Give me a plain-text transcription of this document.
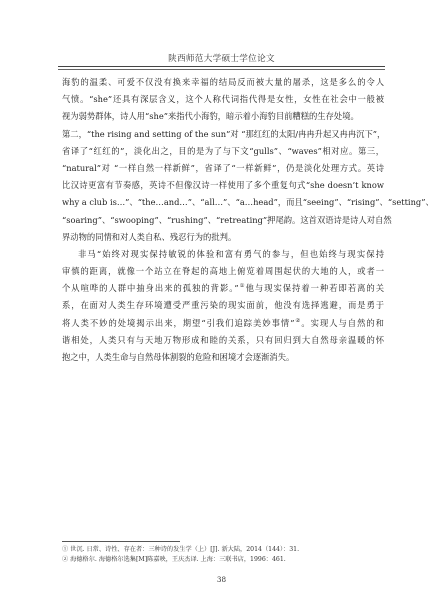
陕西师范大学硕士学位论文
海豹的温柔、可爱不仅没有换来幸福的结局反而被大量的屠杀，这是多么的令人
气愤。“she”还具有深层含义，这个人称代词指代得是女性，女性在社会中一般被
视为弱势群体，诗人用“she”来指代小海豹，暗示着小海豹目前糟糕的生存处境。
第二，“the rising and setting of the sun”对 “那红红的太阳/冉冉升起又冉冉沉下”，
省译了“红红的”，淡化出之，目的是为了与下文“gulls”、“waves”相对应。第三，
“natural”对 “一样自然一样新鲜”，省译了“一样新鲜”，仍是淡化处理方式。英诗
比汉诗更富有节奏感，英诗不但像汉诗一样使用了多个重复句式“she doesn’t know
why a club is…”、“the…and…”、“all…”、“a…head”，而且“seeing”、“rising”、“setting”、
“soaring”、“swooping”、“rushing”、“retreating”押尾韵。这首双语诗是诗人对自然
界动物的同情和对人类自私、残忍行为的批判。
非马“始终对现实保持敏锐的体验和富有勇气的参与，但也始终与现实保持
审慎的距离，就像一个站立在脊起的高地上俯览着周围起伏的大地的人，或者一
个从喧哗的人群中抽身出来的孤独的背影。”①他与现实保持着一种若即若离的关
系，在面对人类生存环境遭受严重污染的现实面前，他没有选择逃避，而是勇于
将人类不妙的处境揭示出来，期望“引我们追踪美妙事情”②。实现人与自然的和
谐相处，人类只有与天地万物形成和睦的关系，只有回归到大自然母亲温暖的怀
抱之中，人类生命与自然母体割裂的危险和困境才会逐渐消失。
① 世沉. 日常、诗性、存在者：三种诗的发生学（上）[J]. 新大陆，2014（144）：31.
② 海德格尔. 海德格尔选集[M]陈嘉映，王庆杰译. 上海：三联书店，1996：461.
38
